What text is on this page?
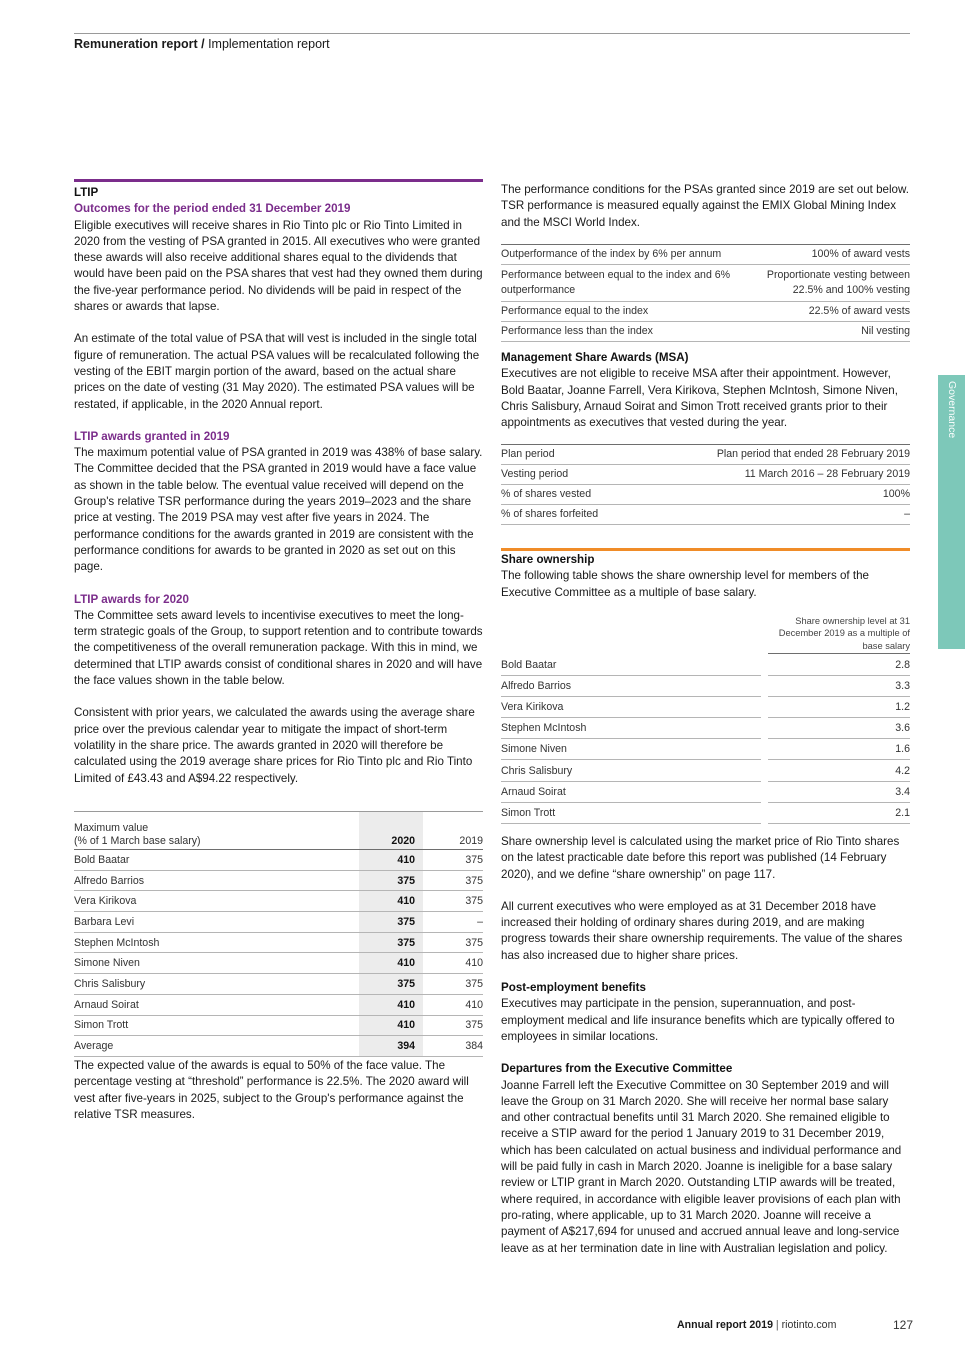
Remuneration report / Implementation report
Governance

LTIP

Outcomes for the period ended 31 December 2019

Eligible executives will receive shares in Rio Tinto plc or Rio Tinto Limited in 2020 from the vesting of PSA granted in 2015. All executives who were granted these awards will also receive additional shares equal to the dividends that would have been paid on the PSA shares that vest had they owned them during the five-year performance period. No dividends will be paid in respect of the shares or awards that lapse.

An estimate of the total value of PSA that will vest is included in the single total figure of remuneration. The actual PSA values will be recalculated following the vesting of the EBIT margin portion of the award, based on the actual share prices on the date of vesting (31 May 2020). The estimated PSA values will be restated, if applicable, in the 2020 Annual report.

LTIP awards granted in 2019

The maximum potential value of PSA granted in 2019 was 438% of base salary. The Committee decided that the PSA granted in 2019 would have a face value as shown in the table below. The eventual value received will depend on the Group's relative TSR performance during the years 2019–2023 and the share price at vesting. The 2019 PSA may vest after five years in 2024. The performance conditions for the awards granted in 2019 are consistent with the performance conditions for awards to be granted in 2020 as set out on this page.

LTIP awards for 2020

The Committee sets award levels to incentivise executives to meet the long-term strategic goals of the Group, to support retention and to contribute towards the competitiveness of the overall remuneration package. With this in mind, we determined that LTIP awards consist of conditional shares in 2020 and will have the face values shown in the table below.

Consistent with prior years, we calculated the awards using the average share price over the previous calendar year to mitigate the impact of short-term volatility in the share price. The awards granted in 2020 will therefore be calculated using the 2019 average share prices for Rio Tinto plc and Rio Tinto Limited of £43.43 and A$94.22 respectively.

Maximum value
(% of 1 March base salary)	2020	2019
Bold Baatar	410	375
Alfredo Barrios	375	375
Vera Kirikova	410	375
Barbara Levi	375	–
Stephen McIntosh	375	375
Simone Niven	410	410
Chris Salisbury	375	375
Arnaud Soirat	410	410
Simon Trott	410	375
Average	394	384

The expected value of the awards is equal to 50% of the face value. The percentage vesting at “threshold” performance is 22.5%. The 2020 award will vest after five-years in 2025, subject to the Group's performance against the relative TSR measures.

The performance conditions for the PSAs granted since 2019 are set out below. TSR performance is measured equally against the EMIX Global Mining Index and the MSCI World Index.

Outperformance of the index by 6% per annum	100% of award vests
Performance between equal to the index and 6% outperformance	Proportionate vesting between 22.5% and 100% vesting
Performance equal to the index	22.5% of award vests
Performance less than the index	Nil vesting

Management Share Awards (MSA)

Executives are not eligible to receive MSA after their appointment. However, Bold Baatar, Joanne Farrell, Vera Kirikova, Stephen McIntosh, Simone Niven, Chris Salisbury, Arnaud Soirat and Simon Trott received grants prior to their appointments as executives that vested during the year.

Plan period	Plan period that ended 28 February 2019
Vesting period	11 March 2016 – 28 February 2019
% of shares vested	100%
% of shares forfeited	–

Share ownership

The following table shows the share ownership level for members of the Executive Committee as a multiple of base salary.

Share ownership level at 31 December 2019 as a multiple of base salary
Bold Baatar		2.8
Alfredo Barrios		3.3
Vera Kirikova		1.2
Stephen McIntosh		3.6
Simone Niven		1.6
Chris Salisbury		4.2
Arnaud Soirat		3.4
Simon Trott		2.1

Share ownership level is calculated using the market price of Rio Tinto shares on the latest practicable date before this report was published (14 February 2020), and we define “share ownership” on page 117.

All current executives who were employed as at 31 December 2018 have increased their holding of ordinary shares during 2019, and are making progress towards their share ownership requirements. The value of the shares has also increased due to higher share prices.

Post-employment benefits

Executives may participate in the pension, superannuation, and post-employment medical and life insurance benefits which are typically offered to employees in similar locations.

Departures from the Executive Committee

Joanne Farrell left the Executive Committee on 30 September 2019 and will leave the Group on 31 March 2020. She will receive her normal base salary and other contractual benefits until 31 March 2020. She remained eligible to receive a STIP award for the period 1 January 2019 to 31 December 2019, which has been calculated on actual business and individual performance and will be paid fully in cash in March 2020. Joanne is ineligible for a base salary review or LTIP grant in March 2020. Outstanding LTIP awards will be treated, where required, in accordance with eligible leaver provisions of each plan with pro-rating, where applicable, up to 31 March 2020. Joanne will receive a payment of A$217,694 for unused and accrued annual leave and long-service leave as at her termination date in line with Australian legislation and policy.

Annual report 2019 | riotinto.com	127
